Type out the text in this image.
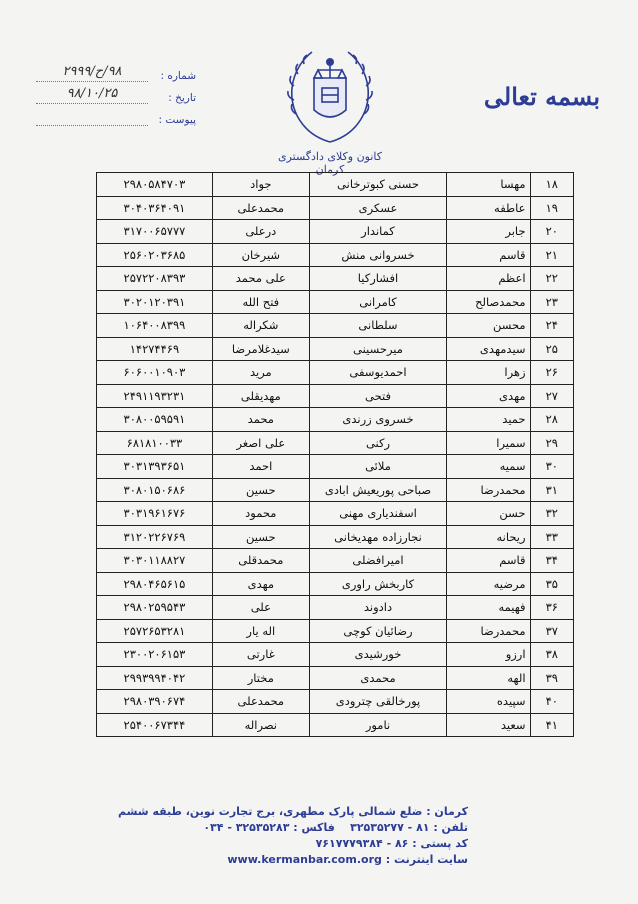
بسمه تعالی
کانون وکلای دادگستری کرمان
شماره :
۹۸/ح/۲۹۹۹
تاریخ :
۹۸/۱۰/۲۵
پیوست :
۱۸	مهسا	حسنی کبوترخانی	جواد	۲۹۸۰۵۸۴۷۰۳
۱۹	عاطفه	عسکری	محمدعلی	۳۰۴۰۳۶۴۰۹۱
۲۰	جابر	کماندار	درعلی	۳۱۷۰۰۶۵۷۷۷
۲۱	قاسم	خسروانی منش	شیرخان	۲۵۶۰۲۰۳۶۸۵
۲۲	اعظم	افشارکیا	علی محمد	۲۵۷۲۲۰۸۳۹۳
۲۳	محمدصالح	کامرانی	فتح الله	۳۰۲۰۱۲۰۳۹۱
۲۴	محسن	سلطانی	شکراله	۱۰۶۴۰۰۸۳۹۹
۲۵	سیدمهدی	میرحسینی	سیدغلامرضا	۱۴۲۷۴۴۶۹
۲۶	زهرا	احمدیوسفی	مرید	۶۰۶۰۰۱۰۹۰۳
۲۷	مهدی	فتحی	مهدیقلی	۲۴۹۱۱۹۳۲۳۱
۲۸	حمید	خسروی زرندی	محمد	۳۰۸۰۰۵۹۵۹۱
۲۹	سمیرا	رکنی	علی اصغر	۶۸۱۸۱۰۰۳۳
۳۰	سمیه	ملائی	احمد	۳۰۳۱۳۹۳۶۵۱
۳۱	محمدرضا	صباحی پوریعیش ابادی	حسین	۳۰۸۰۱۵۰۶۸۶
۳۲	حسن	اسفندیاری مهنی	محمود	۳۰۳۱۹۶۱۶۷۶
۳۳	ریحانه	نجارزاده مهدیخانی	حسین	۳۱۲۰۲۲۶۷۶۹
۳۴	قاسم	امیرافضلی	محمدقلی	۳۰۳۰۱۱۸۸۲۷
۳۵	مرضیه	کاربخش راوری	مهدی	۲۹۸۰۴۶۵۶۱۵
۳۶	فهیمه	دادوند	علی	۲۹۸۰۲۵۹۵۴۳
۳۷	محمدرضا	رضائیان کوچی	اله یار	۲۵۷۲۶۵۳۲۸۱
۳۸	ارزو	خورشیدی	غارتی	۲۳۰۰۲۰۶۱۵۳
۳۹	الهه	محمدی	مختار	۲۹۹۳۹۹۴۰۴۲
۴۰	سپیده	پورخالقی چترودی	محمدعلی	۲۹۸۰۳۹۰۶۷۴
۴۱	سعید	نامور	نصراله	۲۵۴۰۰۶۷۳۴۴
کرمان : ضلع شمالی پارک مطهری، برج تجارت نوین، طبقه ششم
تلفن : ۸۱ - ۳۲۵۳۵۲۷۷    فاکس : ۳۲۵۳۵۲۸۳ - ۰۳۴
کد پستی : ۸۶ - ۷۶۱۷۷۷۹۳۸۴
سایت اینترنت : www.kermanbar.com.org
